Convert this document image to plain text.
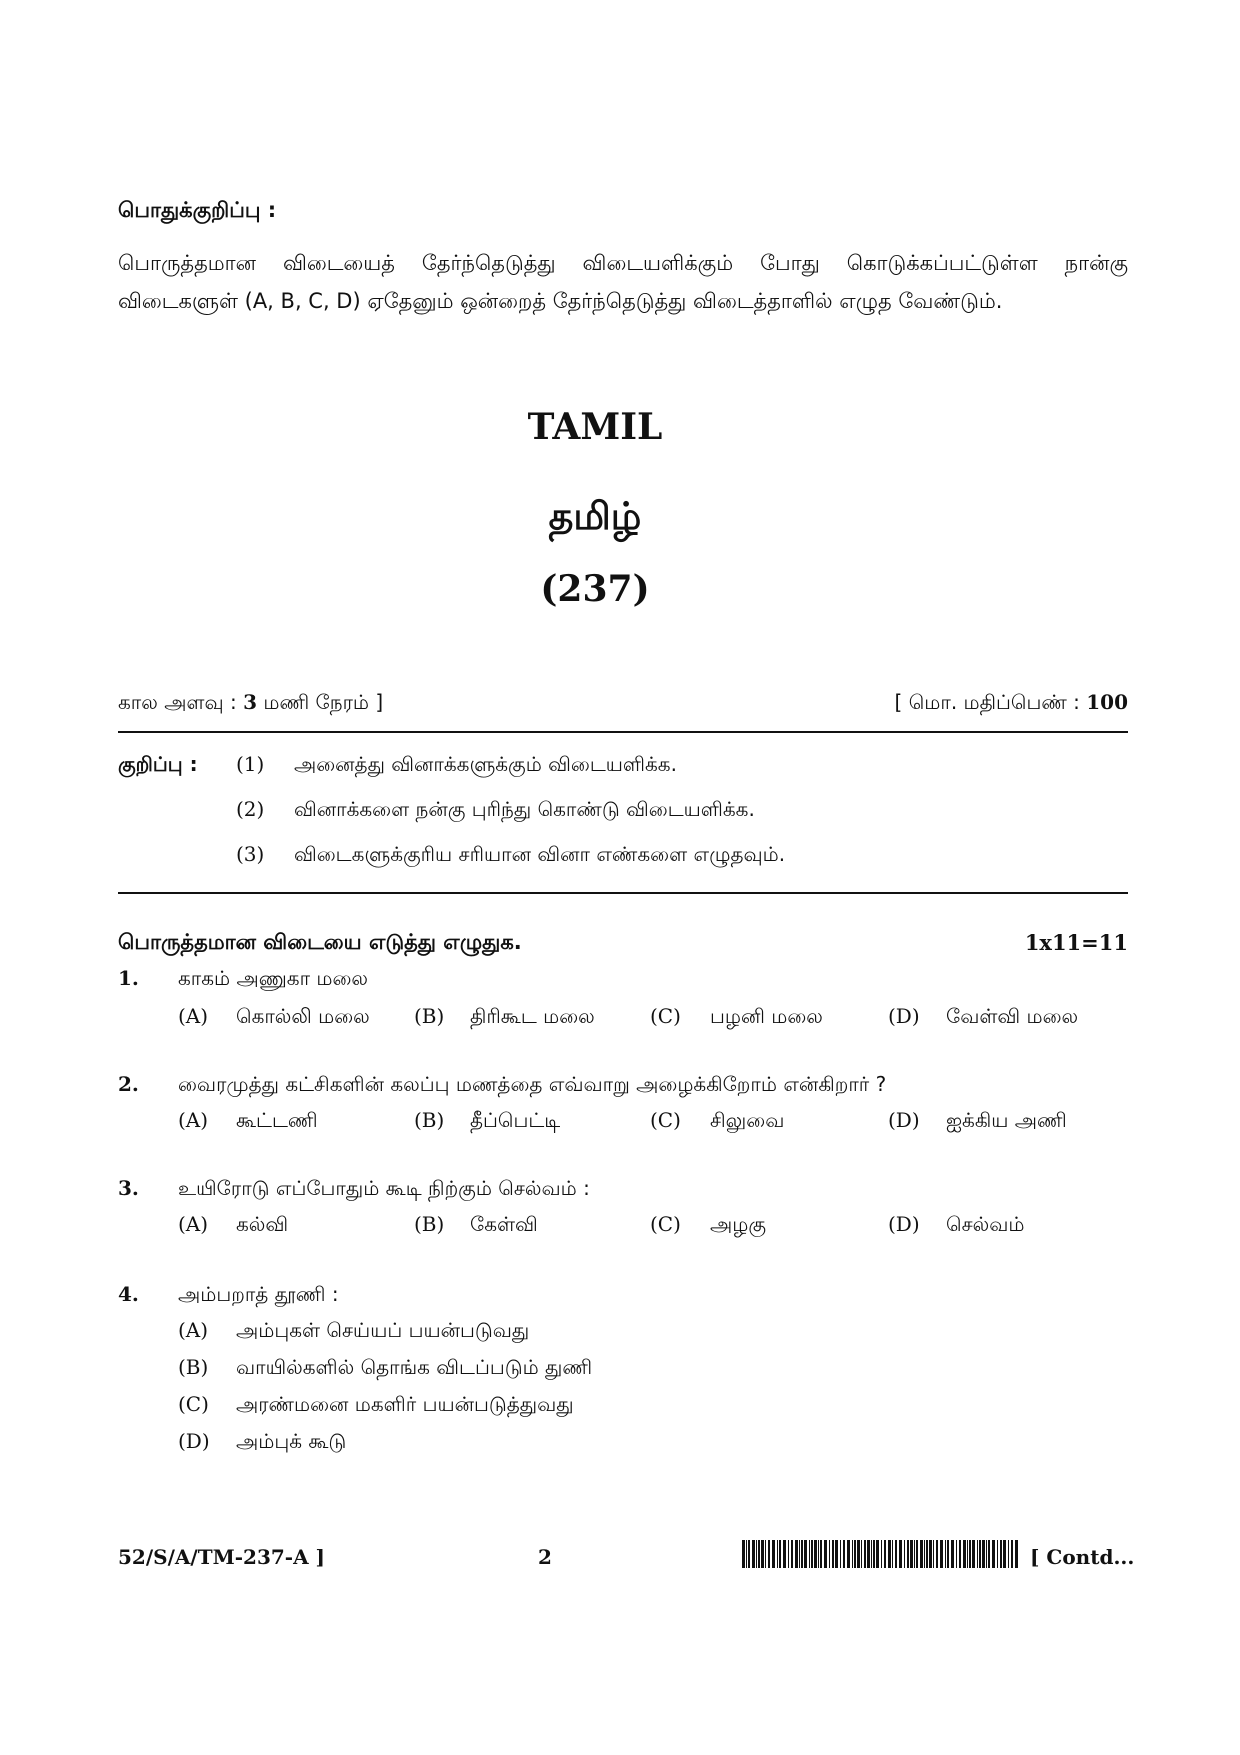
பொதுக்குறிப்பு :
பொருத்தமான விடையைத் தேர்ந்தெடுத்து விடையளிக்கும் போது கொடுக்கப்பட்டுள்ள நான்கு விடைகளுள் (A, B, C, D) ஏதேனும் ஒன்றைத் தேர்ந்தெடுத்து விடைத்தாளில் எழுத வேண்டும்.
TAMIL
தமிழ்
(237)
கால அளவு : 3 மணி நேரம் ]	[ மொ. மதிப்பெண் : 100
குறிப்பு : (1) அனைத்து வினாக்களுக்கும் விடையளிக்க.
(2) வினாக்களை நன்கு புரிந்து கொண்டு விடையளிக்க.
(3) விடைகளுக்குரிய சரியான வினா எண்களை எழுதவும்.
பொருத்தமான விடையை எடுத்து எழுதுக.	1x11=11
1. காகம் அணுகா மலை
(A) கொல்லி மலை (B) திரிகூட மலை	(C) பழனி மலை	(D) வேள்வி மலை
2. வைரமுத்து கட்சிகளின் கலப்பு மணத்தை எவ்வாறு அழைக்கிறோம் என்கிறார் ?
(A) கூட்டணி	(B) தீப்பெட்டி	(C) சிலுவை	(D) ஐக்கிய அணி
3. உயிரோடு எப்போதும் கூடி நிற்கும் செல்வம் :
(A) கல்வி	(B) கேள்வி	(C) அழகு	(D) செல்வம்
4. அம்பறாத் தூணி :
(A) அம்புகள் செய்யப் பயன்படுவது
(B) வாயில்களில் தொங்க விடப்படும் துணி
(C) அரண்மனை மகளிர் பயன்படுத்துவது
(D) அம்புக் கூடு
52/S/A/TM-237-A ]	2	[ Contd...
